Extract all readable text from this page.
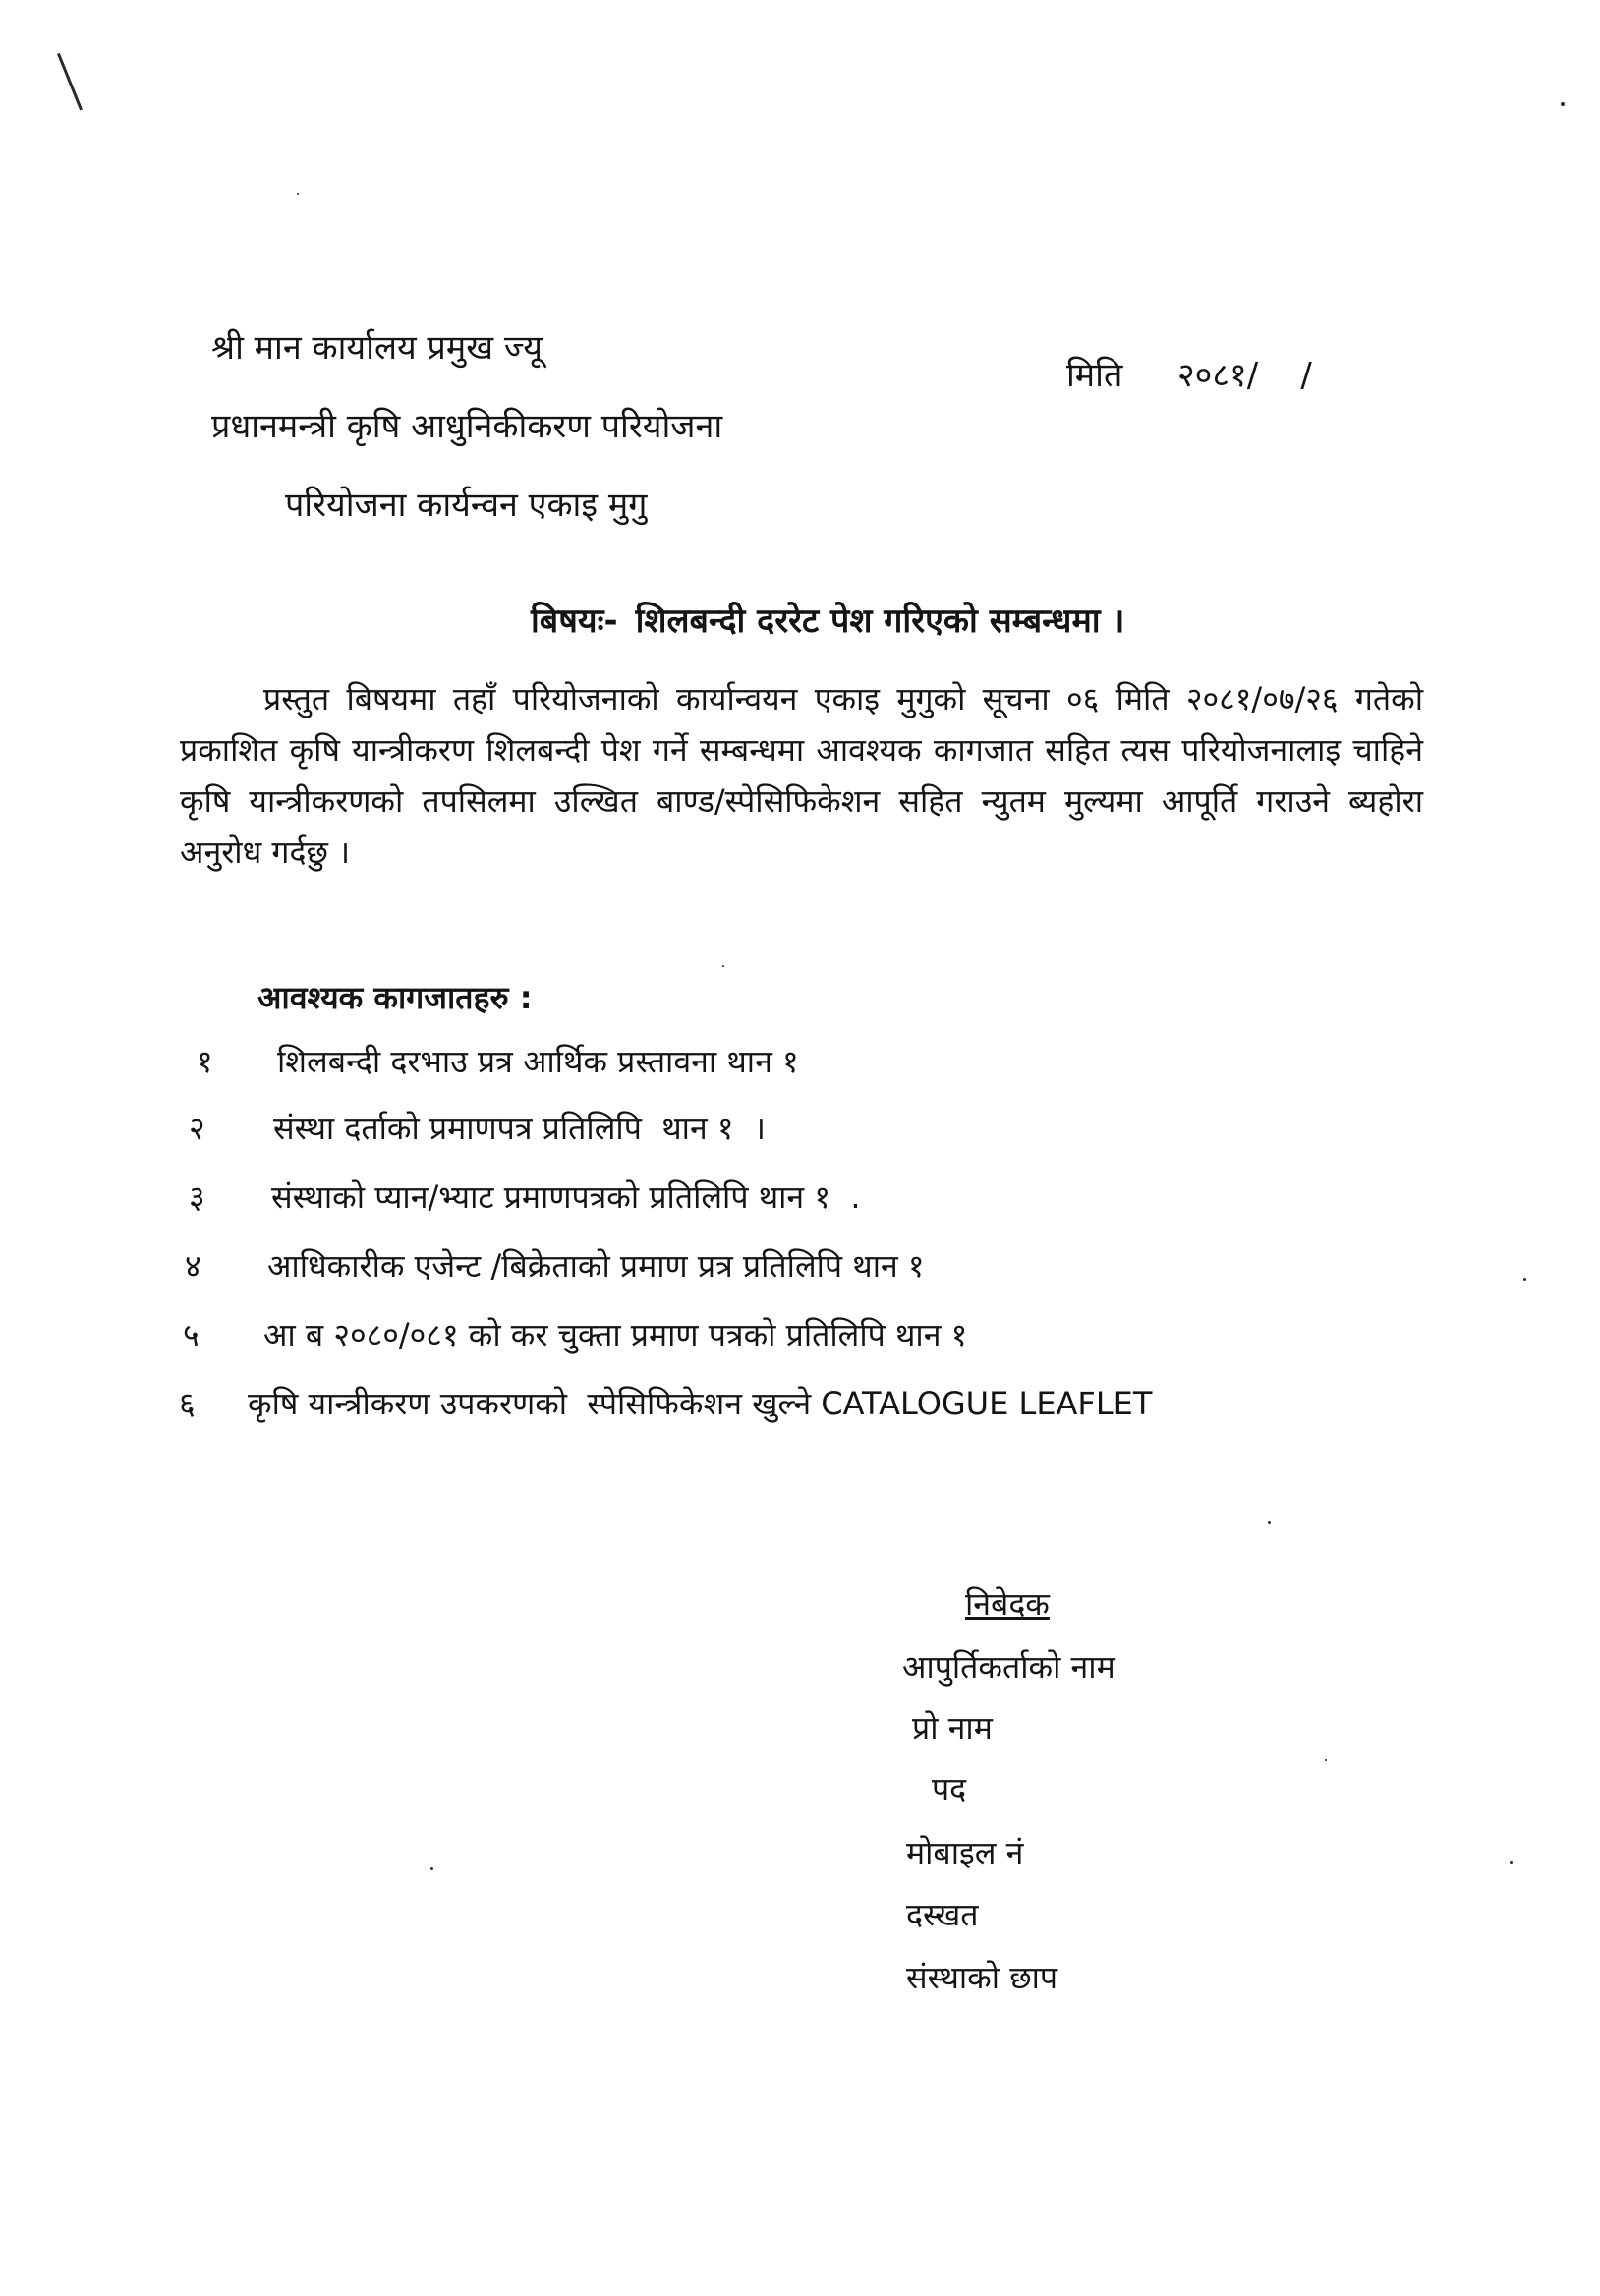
श्री मान कार्यालय प्रमुख ज्यू
प्रधानमन्त्री कृषि आधुनिकीकरण परियोजना
परियोजना कार्यन्वन एकाइ मुगु
मिति २०८१/    /
बिषयः- शिलबन्दी दररेट पेश गरिएको सम्बन्धमा ।
प्रस्तुत बिषयमा तहाँ परियोजनाको कार्यान्वयन एकाइ मुगुको सूचना ०६ मिति २०८१/०७/२६ गतेको प्रकाशित कृषि यान्त्रीकरण शिलबन्दी पेश गर्ने सम्बन्धमा आवश्यक कागजात सहित त्यस परियोजनालाइ चाहिने कृषि यान्त्रीकरणको तपसिलमा उल्खित बाण्ड/स्पेसिफिकेशन सहित न्युतम मुल्यमा आपूर्ति गराउने ब्यहोरा अनुरोध गर्दछु ।
आवश्यक कागजातहरु :
१ शिलबन्दी दरभाउ प्रत्र आर्थिक प्रस्तावना थान १
२ संस्था दर्ताको प्रमाणपत्र प्रतिलिपि  थान १  ।
३ संस्थाको प्यान/भ्याट प्रमाणपत्रको प्रतिलिपि थान १  .
४ आधिकारीक एजेन्ट /बिक्रेताको प्रमाण प्रत्र प्रतिलिपि थान १
५ आ ब २०८०/०८१ को कर चुक्ता प्रमाण पत्रको प्रतिलिपि थान १
६ कृषि यान्त्रीकरण उपकरणको  स्पेसिफिकेशन खुल्ने CATALOGUE LEAFLET
निबेदक
आपुर्तिकर्ताको नाम
प्रो नाम
पद
मोबाइल नं
दस्खत
संस्थाको छाप
